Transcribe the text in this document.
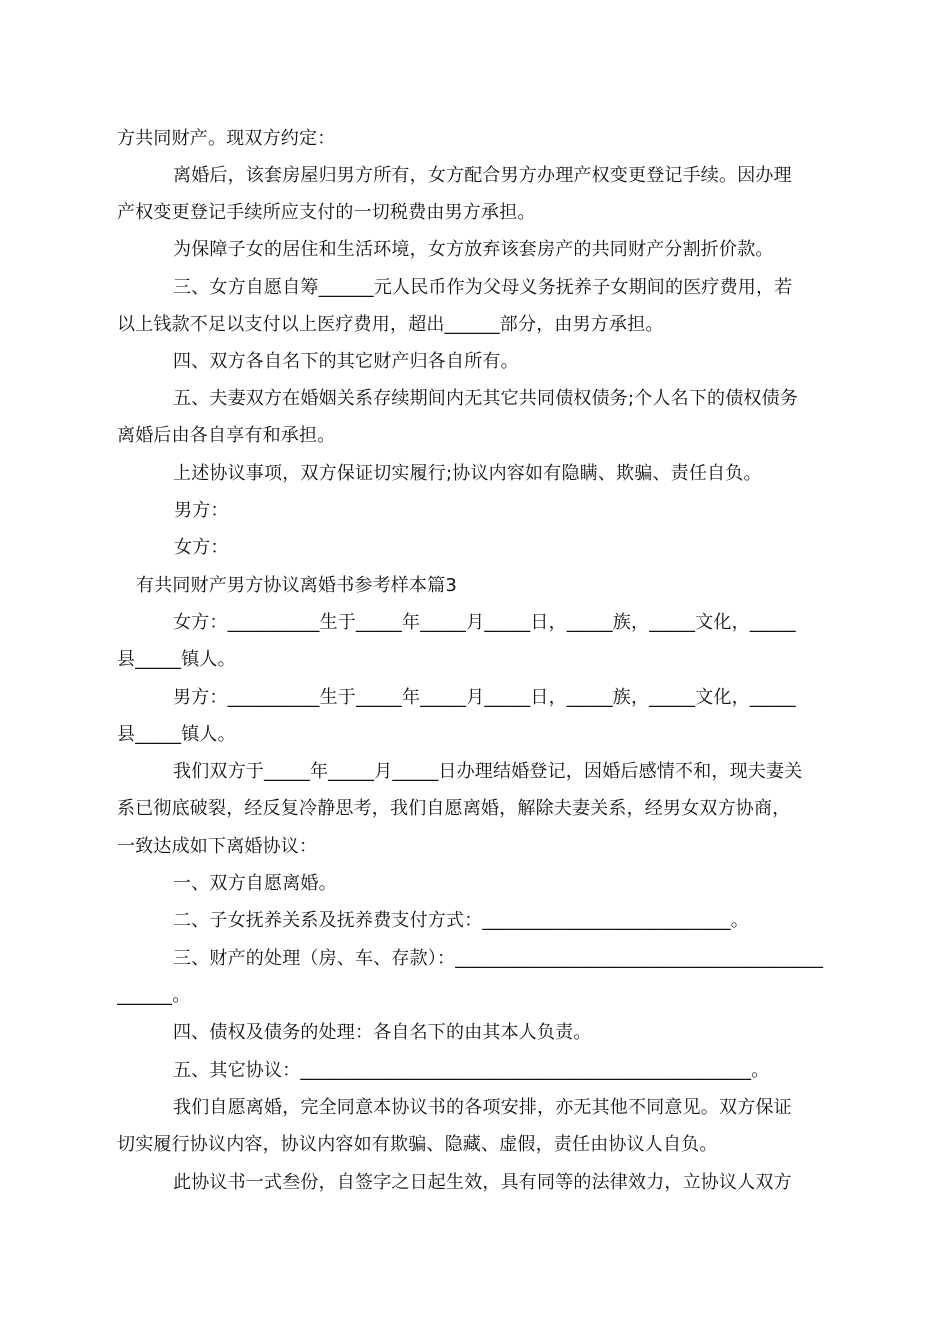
方共同财产。现双方约定：
离婚后，该套房屋归男方所有，女方配合男方办理产权变更登记手续。因办理
产权变更登记手续所应支付的一切税费由男方承担。
为保障子女的居住和生活环境，女方放弃该套房产的共同财产分割折价款。
三、女方自愿自筹______元人民币作为父母义务抚养子女期间的医疗费用，若
以上钱款不足以支付以上医疗费用，超出______部分，由男方承担。
四、双方各自名下的其它财产归各自所有。
五、夫妻双方在婚姻关系存续期间内无其它共同债权债务;个人名下的债权债务
离婚后由各自享有和承担。
上述协议事项，双方保证切实履行;协议内容如有隐瞒、欺骗、责任自负。
男方：
女方：
有共同财产男方协议离婚书参考样本篇3
女方：__________生于_____年_____月_____日，_____族，_____文化，_____
县_____镇人。
男方：__________生于_____年_____月_____日，_____族，_____文化，_____
县_____镇人。
我们双方于_____年_____月_____日办理结婚登记，因婚后感情不和，现夫妻关
系已彻底破裂，经反复冷静思考，我们自愿离婚，解除夫妻关系，经男女双方协商，
一致达成如下离婚协议：
一、双方自愿离婚。
二、子女抚养关系及抚养费支付方式：___________________________。
三、财产的处理（房、车、存款）：________________________________________
______。
四、债权及债务的处理：各自名下的由其本人负责。
五、其它协议：_________________________________________________。
我们自愿离婚，完全同意本协议书的各项安排，亦无其他不同意见。双方保证
切实履行协议内容，协议内容如有欺骗、隐藏、虚假，责任由协议人自负。
此协议书一式叁份，自签字之日起生效，具有同等的法律效力，立协议人双方
